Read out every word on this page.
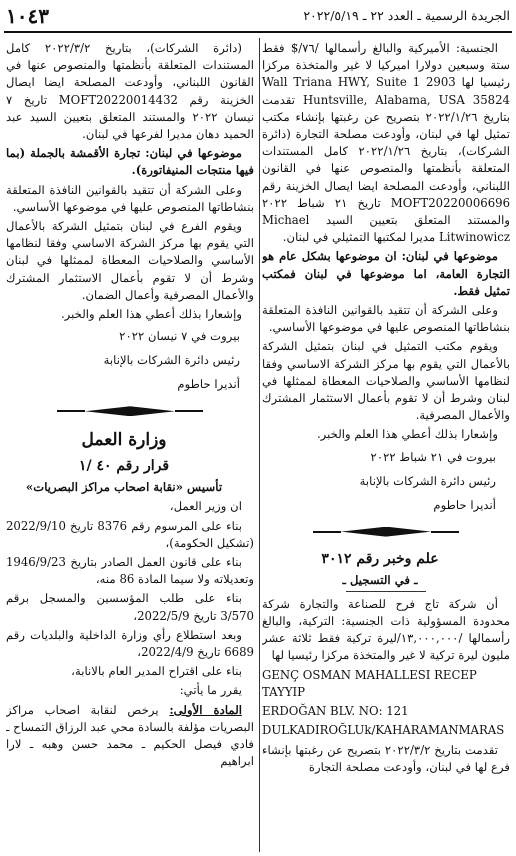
الجريدة الرسمية ـ العدد ٢٢ ـ ٢٠٢٢/٥/١٩
١٠٤٣

الجنسية: الأميركية والبالغ رأسمالها /٧٦/$ فقط ستة وسبعين دولارا اميركيا لا غير والمتخذة مركزا رئيسيا لها 2903 Wall Triana HWY, Suite 1 Huntsville, Alabama, USA 35824 تقدمت بتاريخ ٢٠٢٢/١/٢٦ بتصريح عن رغبتها بإنشاء مكتب تمثيل لها في لبنان، وأودعت مصلحة التجارة (دائرة الشركات)، بتاريخ ٢٠٢٢/١/٢٦ كامل المستندات المتعلقة بأنظمتها والمنصوص عنها في القانون اللبناني، وأودعت المصلحة ايضا ايصال الخزينة رقم MOFT20220006696 تاريخ ٢١ شباط ٢٠٢٢ والمستند المتعلق بتعيين السيد Michael Litwinowicz مديرا لمكتبها التمثيلي في لبنان.

موضوعها في لبنان: ان موضوعها بشكل عام هو التجارة العامة، اما موضوعها في لبنان فمكتب تمثيل فقط.

وعلى الشركة أن تتقيد بالقوانين النافذة المتعلقة بنشاطاتها المنصوص عليها في موضوعها الأساسي.

ويقوم مكتب التمثيل في لبنان بتمثيل الشركة بالأعمال التي يقوم بها مركز الشركة الاساسي وفقا لنظامها الأساسي والصلاحيات المعطاة لممثلها في لبنان وشرط أن لا تقوم بأعمال الاستثمار المشترك والأعمال المصرفية.

وإشعارا بذلك أعطي هذا العلم والخبر.

بيروت في ٢١ شباط ٢٠٢٢

رئيس دائرة الشركات بالإنابة

أنديرا حاطوم

علم وخبر رقم ٣٠١٢

ـ في التسجيل ـ

أن شركة تاج فرح للصناعة والتجارة شركة محدودة المسؤولية ذات الجنسية: التركية، والبالغ رأسمالها /١٣,٠٠٠,٠٠٠/ليرة تركية فقط ثلاثة عشر مليون ليرة تركية لا غير والمتخذة مركزا رئيسيا لها

GENÇ OSMAN MAHALLESI RECEP TAYYIP

ERDOĞAN BLV. NO: 121

DULKADIROĞLUk/KAHARAMANMARAS

تقدمت بتاريخ ٢٠٢٢/٣/٢ بتصريح عن رغبتها بإنشاء فرع لها في لبنان، وأودعت مصلحة التجارة

(دائرة الشركات)، بتاريخ ٢٠٢٢/٣/٢ كامل المستندات المتعلقة بأنظمتها والمنصوص عنها في القانون اللبناني، وأودعت المصلحة ايضا ايصال الخزينة رقم MOFT20220014432 تاريخ ٧ نيسان ٢٠٢٢ والمستند المتعلق بتعيين السيد عبد الحميد دهان مديرا لفرعها في لبنان.

موضوعها في لبنان: تجارة الأقمشة بالجملة (بما فيها منتجات المنيفاتورة).

وعلى الشركة أن تتقيد بالقوانين النافذة المتعلقة بنشاطاتها المنصوص عليها في موضوعها الأساسي.

ويقوم الفرع في لبنان بتمثيل الشركة بالأعمال التي يقوم بها مركز الشركة الاساسي وفقا لنظامها الأساسي والصلاحيات المعطاة لممثلها في لبنان وشرط أن لا تقوم بأعمال الاستثمار المشترك والأعمال المصرفية وأعمال الضمان.

وإشعارا بذلك أعطي هذا العلم والخبر.

بيروت في ٧ نيسان ٢٠٢٢

رئيس دائرة الشركات بالإنابة

أنديرا حاطوم

وزارة العمل

قرار رقم ٤٠ /١

تأسيس «نقابة اصحاب مراكز البصريات»

ان وزير العمل،

بناء على المرسوم رقم 8376 تاريخ 2022/9/10 (تشكيل الحكومة)،

بناء على قانون العمل الصادر بتاريخ 1946/9/23 وتعديلاته ولا سيما المادة 86 منه،

بناء على طلب المؤسسين والمسجل برقم 3/570 تاريخ 2022/5/9،

وبعد استطلاع رأي وزارة الداخلية والبلديات رقم 6689 تاريخ 2022/4/9،

بناء على اقتراح المدير العام بالانابة،

يقرر ما يأتي:

المادة الأولى: يرخص لنقابة اصحاب مراكز البصريات مؤلفة بالسادة محي عبد الرزاق التمساح ـ فادي فيصل الحكيم ـ محمد حسن وهبه ـ لارا ابراهيم
